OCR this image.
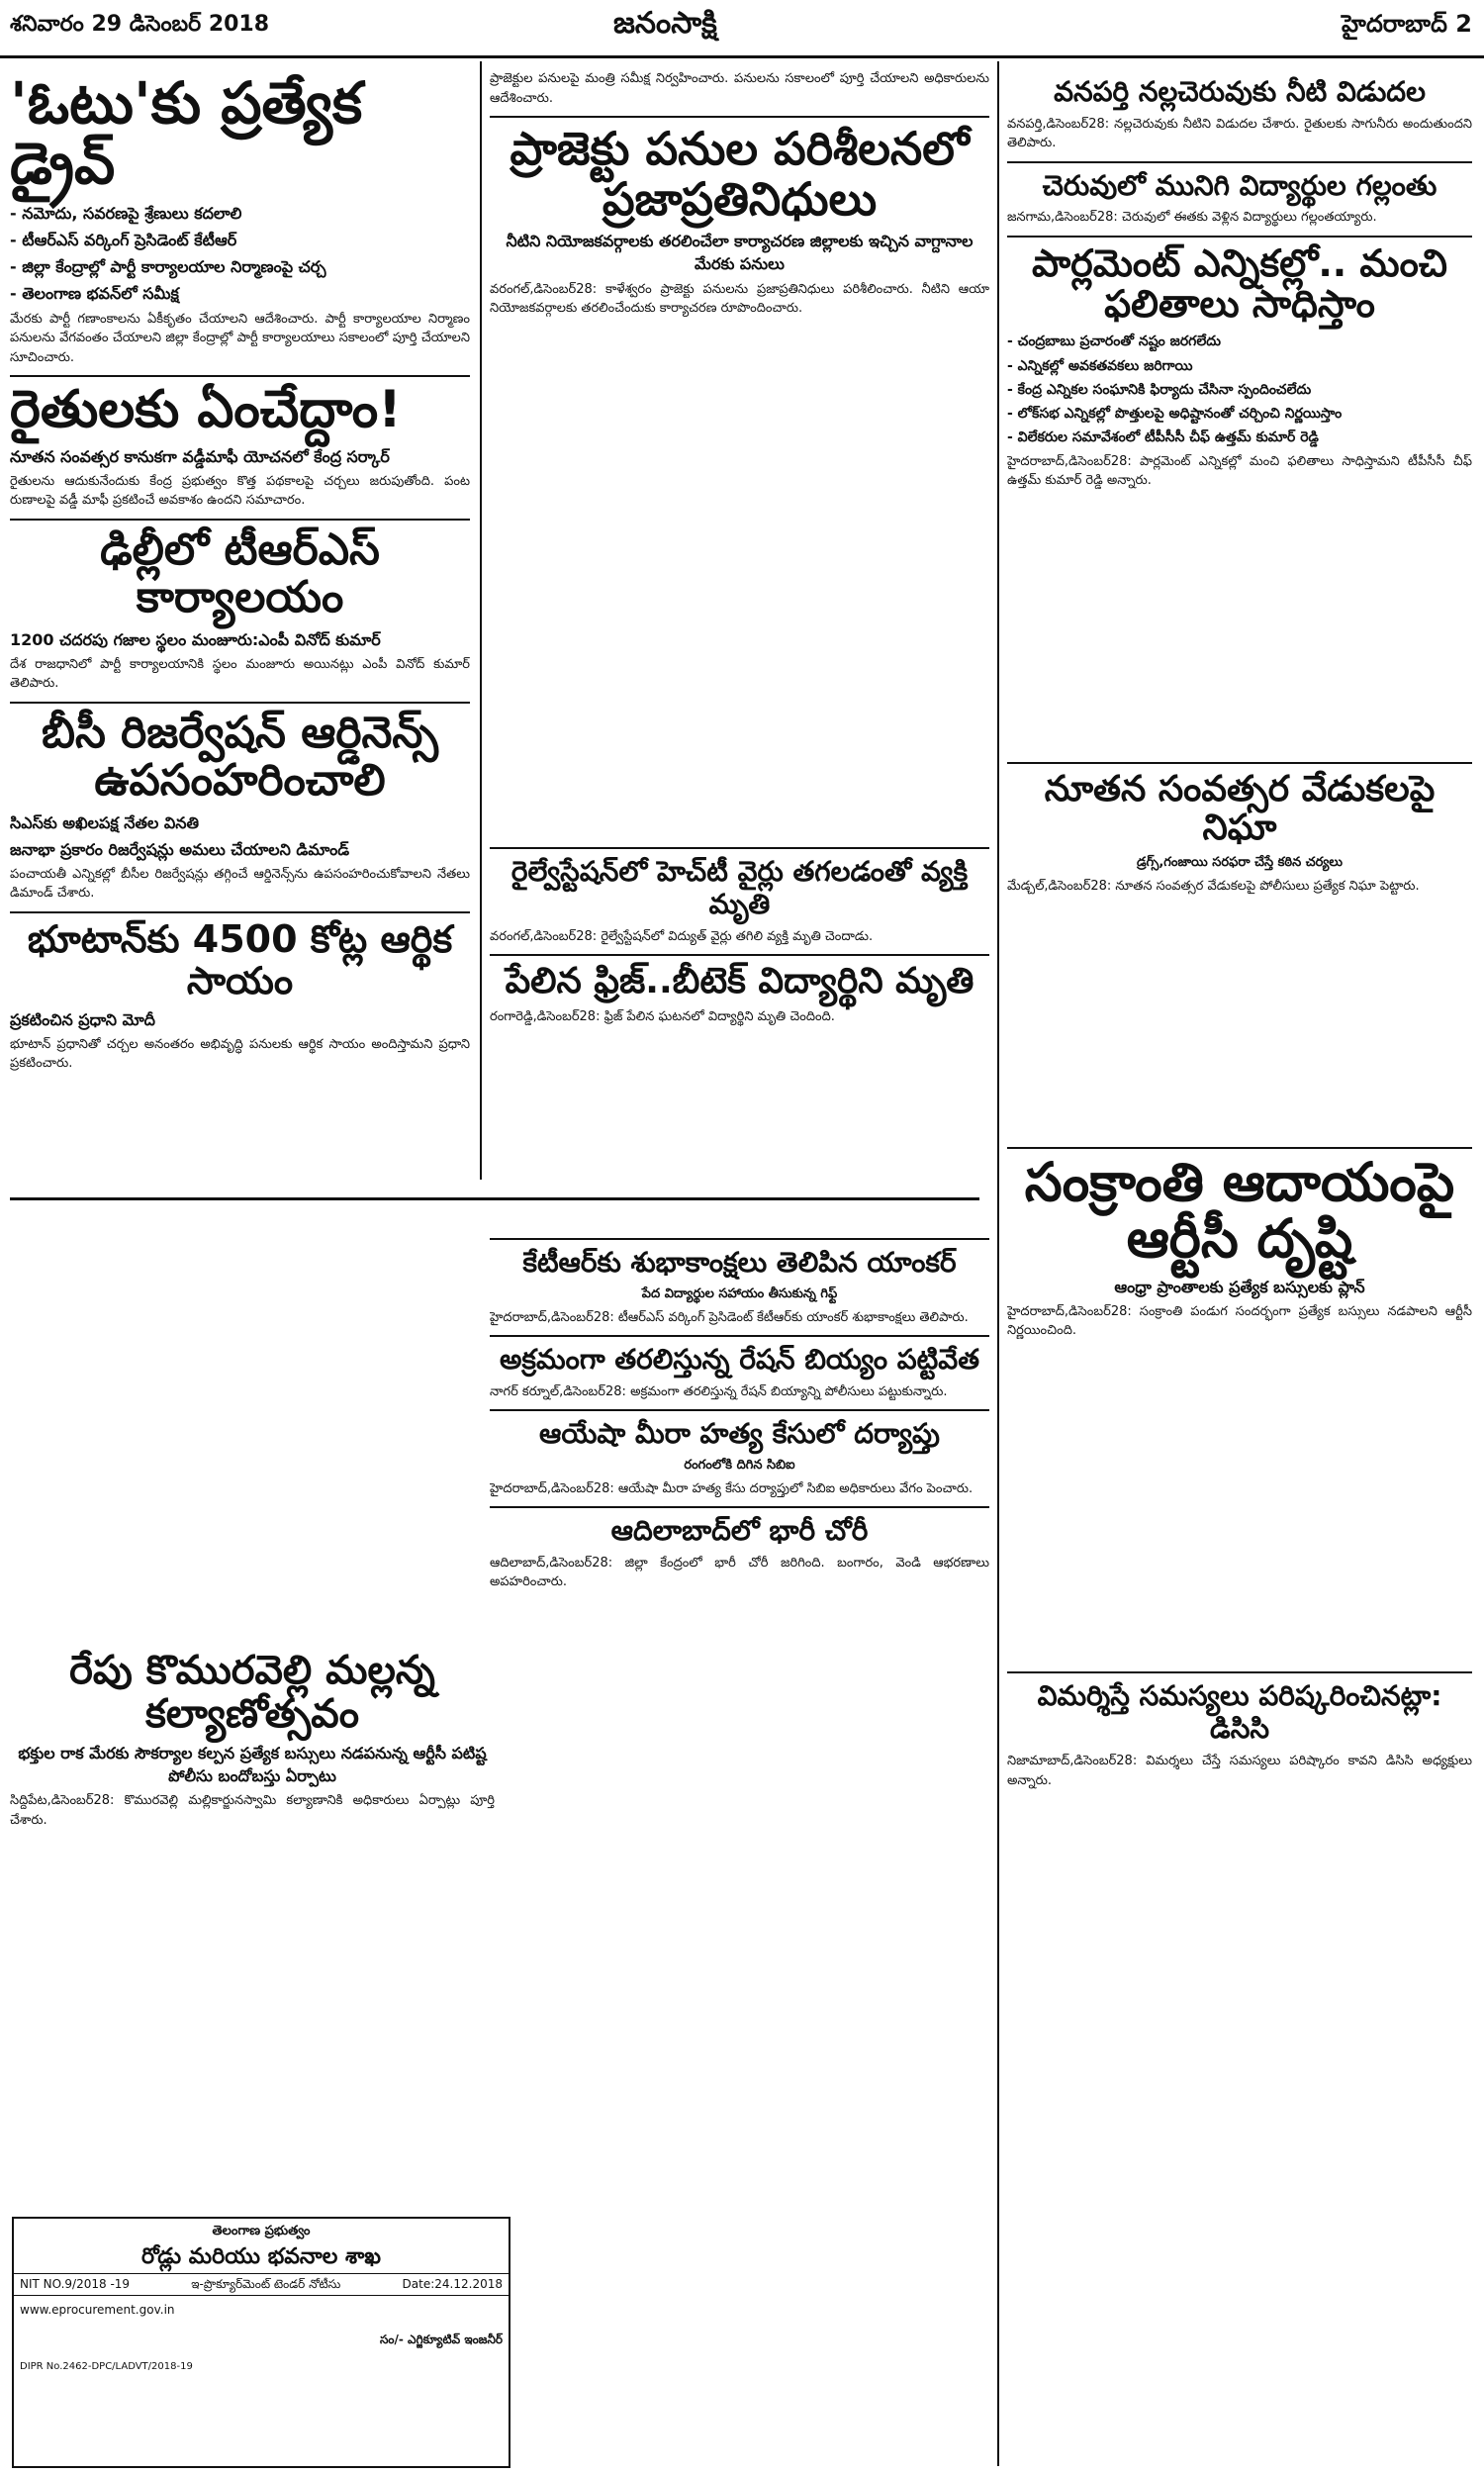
శనివారం 29 డిసెంబర్ 2018	జనంసాక్షి	హైదరాబాద్ 2
'ఓటు'కు ప్రత్యేక డ్రైవ్
- నమోదు, సవరణపై శ్రేణులు కదలాలి
- టీఆర్ఎస్ వర్కింగ్ ప్రెసిడెంట్ కేటీఆర్
- జిల్లా కేంద్రాల్లో పార్టీ కార్యాలయాల నిర్మాణంపై చర్చ
- తెలంగాణ భవన్‌లో సమీక్ష

మేరకు పార్టీ గణాంకాలను ఏకీకృతం చేయాలని ఆదేశించారు. పార్టీ కార్యాలయాల నిర్మాణం పనులను వేగవంతం చేయాలని జిల్లా కేంద్రాల్లో పార్టీ కార్యాలయాలు సకాలంలో పూర్తి చేయాలని సూచించారు.

రైతులకు ఏంచేద్దాం!
నూతన సంవత్సర కానుకగా వడ్డీమాఫీ యోచనలో కేంద్ర సర్కార్

రైతులను ఆదుకునేందుకు కేంద్ర ప్రభుత్వం కొత్త పథకాలపై చర్చలు జరుపుతోంది. పంట రుణాలపై వడ్డీ మాఫీ ప్రకటించే అవకాశం ఉందని సమాచారం.

ఢిల్లీలో టీఆర్ఎస్ కార్యాలయం
1200 చదరపు గజాల స్థలం మంజూరు:ఎంపీ వినోద్ కుమార్

దేశ రాజధానిలో పార్టీ కార్యాలయానికి స్థలం మంజూరు అయినట్లు ఎంపీ వినోద్ కుమార్ తెలిపారు.

బీసీ రిజర్వేషన్ ఆర్డినెన్స్ ఉపసంహరించాలి
సిఎస్‌కు అఖిలపక్ష నేతల వినతి
జనాభా ప్రకారం రిజర్వేషన్లు అమలు చేయాలని డిమాండ్

పంచాయతీ ఎన్నికల్లో బీసీల రిజర్వేషన్లు తగ్గించే ఆర్డినెన్స్‌ను ఉపసంహరించుకోవాలని నేతలు డిమాండ్ చేశారు.

భూటాన్‌కు 4500 కోట్ల ఆర్థిక సాయం
ప్రకటించిన ప్రధాని మోదీ

భూటాన్ ప్రధానితో చర్చల అనంతరం అభివృద్ధి పనులకు ఆర్థిక సాయం అందిస్తామని ప్రధాని ప్రకటించారు.

రేపు కొమురవెల్లి మల్లన్న కల్యాణోత్సవం
భక్తుల రాక మేరకు సౌకర్యాల కల్పన ప్రత్యేక బస్సులు నడపనున్న ఆర్టీసీ పటిష్ట పోలీసు బందోబస్తు ఏర్పాటు

సిద్దిపేట,డిసెంబర్28: కొమురవెల్లి మల్లికార్జునస్వామి కల్యాణానికి అధికారులు ఏర్పాట్లు పూర్తి చేశారు.

తెలంగాణ ప్రభుత్వం
రోడ్లు మరియు భవనాల శాఖ
NIT NO.9/2018 -19	ఇ-ప్రొక్యూర్‌మెంట్ టెండర్ నోటీసు	Date:24.12.2018
www.eprocurement.gov.in
సం/- ఎగ్జిక్యూటివ్ ఇంజనీర్
DIPR No.2462-DPC/LADVT/2018-19

ప్రాజెక్టుల పనులపై మంత్రి సమీక్ష నిర్వహించారు. పనులను సకాలంలో పూర్తి చేయాలని అధికారులను ఆదేశించారు.

ప్రాజెక్టు పనుల పరిశీలనలో ప్రజాప్రతినిధులు
నీటిని నియోజకవర్గాలకు తరలించేలా కార్యాచరణ జిల్లాలకు ఇచ్చిన వాగ్దానాల మేరకు పనులు

వరంగల్,డిసెంబర్28: కాళేశ్వరం ప్రాజెక్టు పనులను ప్రజాప్రతినిధులు పరిశీలించారు. నీటిని ఆయా నియోజకవర్గాలకు తరలించేందుకు కార్యాచరణ రూపొందించారు.

రైల్వేస్టేషన్‌లో హెచ్‌టీ వైర్లు తగలడంతో వ్యక్తి మృతి

వరంగల్,డిసెంబర్28: రైల్వేస్టేషన్‌లో విద్యుత్ వైర్లు తగిలి వ్యక్తి మృతి చెందాడు.

పేలిన ఫ్రిజ్..బీటెక్ విద్యార్థిని మృతి

రంగారెడ్డి,డిసెంబర్28: ఫ్రిజ్ పేలిన ఘటనలో విద్యార్థిని మృతి చెందింది.

కేటీఆర్‌కు శుభాకాంక్షలు తెలిపిన యాంకర్
పేద విద్యార్థుల సహాయం తీసుకున్న గిఫ్ట్

హైదరాబాద్,డిసెంబర్28: టీఆర్ఎస్ వర్కింగ్ ప్రెసిడెంట్ కేటీఆర్‌కు యాంకర్ శుభాకాంక్షలు తెలిపారు.

అక్రమంగా తరలిస్తున్న రేషన్ బియ్యం పట్టివేత

నాగర్ కర్నూల్,డిసెంబర్28: అక్రమంగా తరలిస్తున్న రేషన్ బియ్యాన్ని పోలీసులు పట్టుకున్నారు.

ఆయేషా మీరా హత్య కేసులో దర్యాప్తు
రంగంలోకి దిగిన సిబిఐ

హైదరాబాద్,డిసెంబర్28: ఆయేషా మీరా హత్య కేసు దర్యాప్తులో సిబిఐ అధికారులు వేగం పెంచారు.

ఆదిలాబాద్‌లో భారీ చోరీ

ఆదిలాబాద్,డిసెంబర్28: జిల్లా కేంద్రంలో భారీ చోరీ జరిగింది. బంగారం, వెండి ఆభరణాలు అపహరించారు.

వనపర్తి నల్లచెరువుకు నీటి విడుదల

వనపర్తి,డిసెంబర్28: నల్లచెరువుకు నీటిని విడుదల చేశారు. రైతులకు సాగునీరు అందుతుందని తెలిపారు.

చెరువులో మునిగి విద్యార్థుల గల్లంతు

జనగామ,డిసెంబర్28: చెరువులో ఈతకు వెళ్లిన విద్యార్థులు గల్లంతయ్యారు.

పార్లమెంట్ ఎన్నికల్లో.. మంచి ఫలితాలు సాధిస్తాం
- చంద్రబాబు ప్రచారంతో నష్టం జరగలేదు
- ఎన్నికల్లో అవకతవకలు జరిగాయి
- కేంద్ర ఎన్నికల సంఘానికి ఫిర్యాదు చేసినా స్పందించలేదు
- లోక్‌సభ ఎన్నికల్లో పొత్తులపై అధిష్టానంతో చర్చించి నిర్ణయిస్తాం
- విలేకరుల సమావేశంలో టీపీసీసీ చీఫ్ ఉత్తమ్ కుమార్ రెడ్డి

హైదరాబాద్,డిసెంబర్28: పార్లమెంట్ ఎన్నికల్లో మంచి ఫలితాలు సాధిస్తామని టీపీసీసీ చీఫ్ ఉత్తమ్ కుమార్ రెడ్డి అన్నారు.

నూతన సంవత్సర వేడుకలపై నిఘా
డ్రగ్స్,గంజాయి సరఫరా చేస్తే కఠిన చర్యలు

మేడ్చల్,డిసెంబర్28: నూతన సంవత్సర వేడుకలపై పోలీసులు ప్రత్యేక నిఘా పెట్టారు.

సంక్రాంతి ఆదాయంపై ఆర్టీసీ దృష్టి
ఆంధ్రా ప్రాంతాలకు ప్రత్యేక బస్సులకు ప్లాన్

హైదరాబాద్,డిసెంబర్28: సంక్రాంతి పండుగ సందర్భంగా ప్రత్యేక బస్సులు నడపాలని ఆర్టీసీ నిర్ణయించింది.

విమర్శిస్తే సమస్యలు పరిష్కరించినట్లా: డిసిసి

నిజామాబాద్,డిసెంబర్28: విమర్శలు చేస్తే సమస్యలు పరిష్కారం కావని డిసిసి అధ్యక్షులు అన్నారు.
